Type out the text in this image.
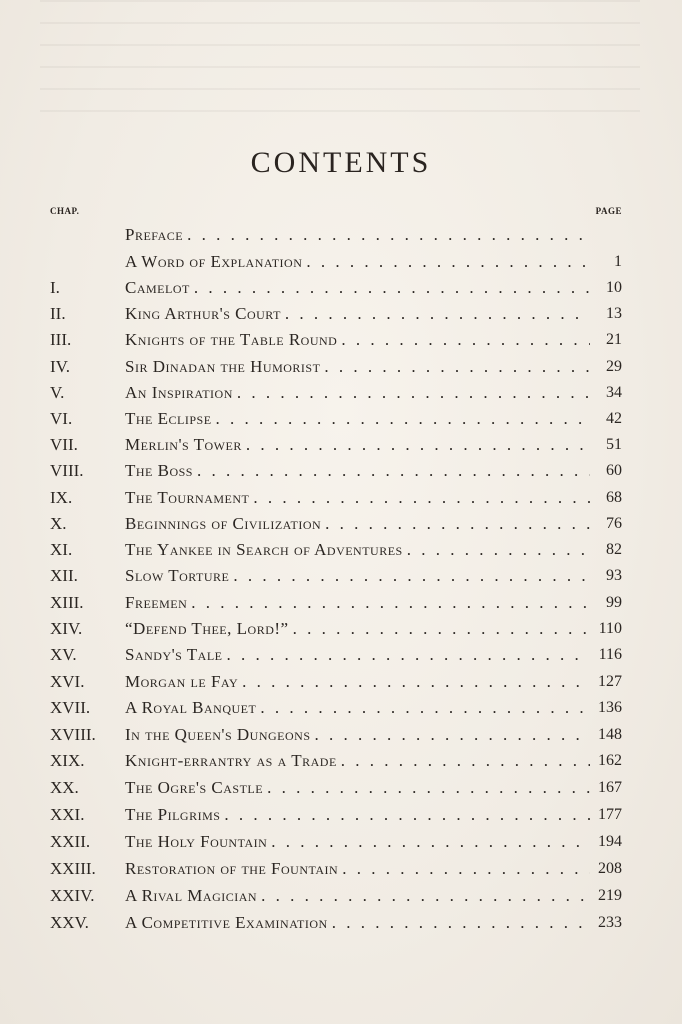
CONTENTS
CHAP.	PAGE
Preface . . .
A Word of Explanation . . .	1
I.	Camelot . . .	10
II.	King Arthur's Court . . .	13
III.	Knights of the Table Round . . .	21
IV.	Sir Dinadan the Humorist . . .	29
V.	An Inspiration . . .	34
VI.	The Eclipse . . .	42
VII.	Merlin's Tower . . .	51
VIII.	The Boss . . .	60
IX.	The Tournament . . .	68
X.	Beginnings of Civilization . . .	76
XI.	The Yankee in Search of Adventures . . .	82
XII.	Slow Torture . . .	93
XIII.	Freemen . . .	99
XIV.	“Defend Thee, Lord!” . . .	110
XV.	Sandy's Tale . . .	116
XVI.	Morgan le Fay . . .	127
XVII.	A Royal Banquet . . .	136
XVIII.	In the Queen's Dungeons . . .	148
XIX.	Knight-errantry as a Trade . . .	162
XX.	The Ogre's Castle . . .	167
XXI.	The Pilgrims . . .	177
XXII.	The Holy Fountain . . .	194
XXIII.	Restoration of the Fountain . . .	208
XXIV.	A Rival Magician . . .	219
XXV.	A Competitive Examination . . .	233
